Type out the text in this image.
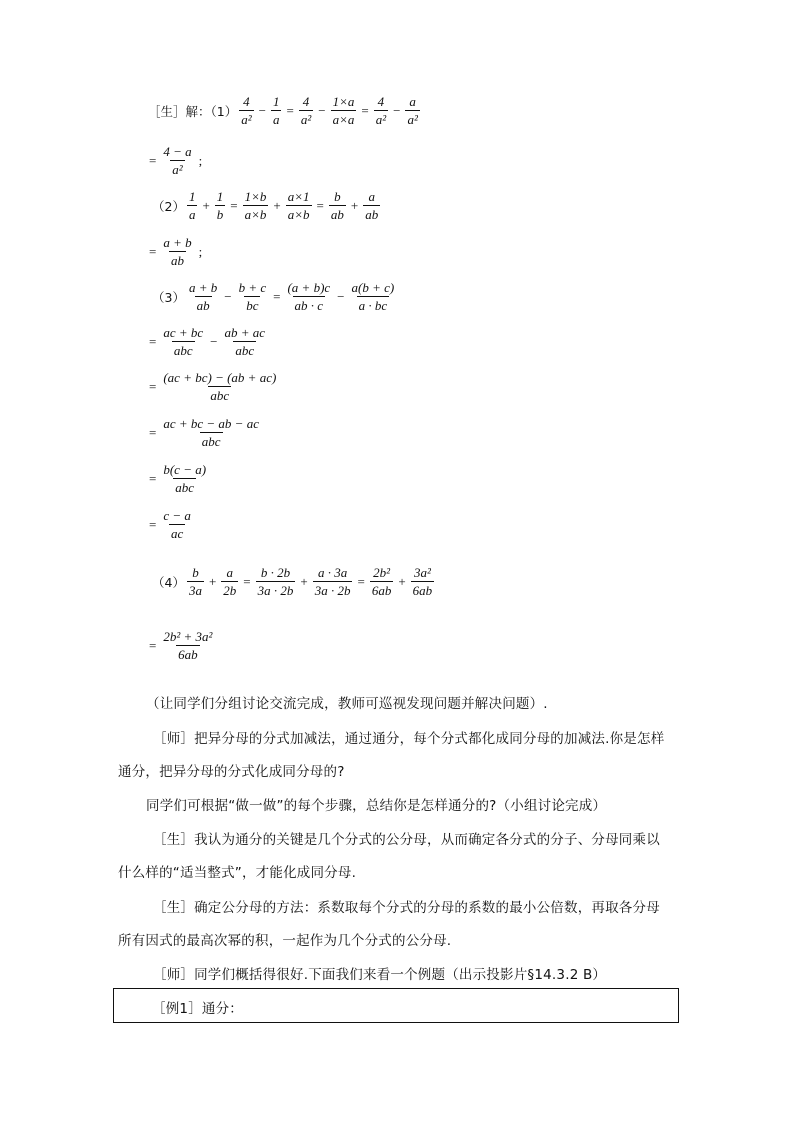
［生］解：$(1) \frac{4}{\text{a²}} - \frac{1}{a} = \frac{4}{\text{a²}} - \frac{1\times a}{a\times a} = \frac{4}{\text{a²}} - \frac{a}{\text{a²}}$
= $\frac{4 - a}{\text{a²}}$ ;
$(2) \frac{1}{a} + \frac{1}{b} = \frac{1\times b}{a\times b} + \frac{a\times 1}{a\times b} = \frac{b}{ab} + \frac{a}{ab}$
= $\frac{a + b}{ab}$ ;
$(3) \frac{a + b}{ab} - \frac{b + c}{bc} = \frac{(a + b)c}{ab \cdot c} - \frac{a(b + c)}{a \cdot bc}$
= $\frac{ac + bc}{\text{abc}} - \frac{ab + ac}{\text{abc}}$
= $\frac{(ac + bc) - (ab + ac)}{\text{abc}}$
= $\frac{ac + bc - ab - ac}{\text{abc}}$
= $\frac{b(c - a)}{\text{abc}}$
= $\frac{c - a}{ac}$
$(4) \frac{b}{3a} + \frac{a}{2b} = \frac{b \cdot 2b}{3a \cdot 2b} + \frac{a \cdot 3a}{3a \cdot 2b} = \frac{\text{2b²}}{6ab} + \frac{\text{3a²}}{6ab}$
= $\frac{\text{2b² + 3a²}}{6ab}$
（让同学们分组讨论交流完成，教师可巡视发现问题并解决问题）.
［师］把异分母的分式加减法，通过通分，每个分式都化成同分母的加减法.你是怎样
通分，把异分母的分式化成同分母的?
同学们可根据“做一做”的每个步骤，总结你是怎样通分的?（小组讨论完成）
［生］我认为通分的关键是几个分式的公分母，从而确定各分式的分子、分母同乘以
什么样的“适当整式”，才能化成同分母.
［生］确定公分母的方法：系数取每个分式的分母的系数的最小公倍数，再取各分母
所有因式的最高次幂的积，一起作为几个分式的公分母.
［师］同学们概括得很好.下面我们来看一个例题（出示投影片§14.3.2 B）
［例1］通分：
